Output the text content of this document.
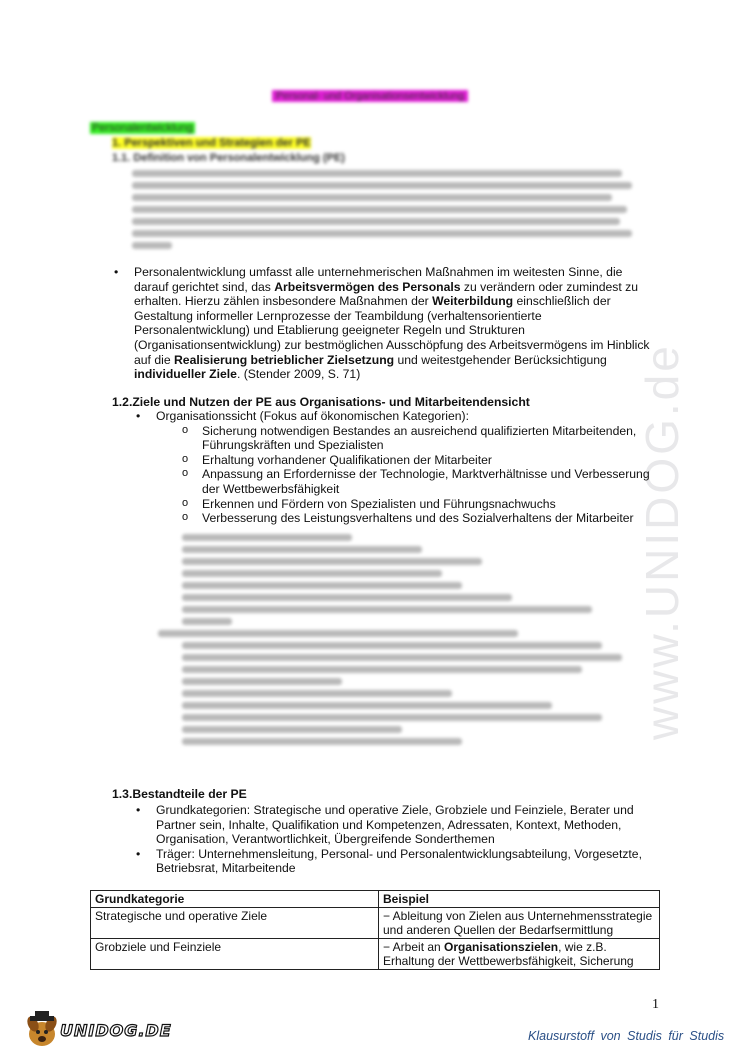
www.UNIDOG.de
Personal- und Organisationsentwicklung
Personalentwicklung
1. Perspektiven und Strategien der PE
1.1. Definition von Personalentwicklung (PE)
• Personalentwicklung umfasst alle unternehmerischen Maßnahmen im weitesten Sinne, die darauf gerichtet sind, das Arbeitsvermögen des Personals zu verändern oder zumindest zu erhalten. Hierzu zählen insbesondere Maßnahmen der Weiterbildung einschließlich der Gestaltung informeller Lernprozesse der Teambildung (verhaltensorientierte Personalentwicklung) und Etablierung geeigneter Regeln und Strukturen (Organisationsentwicklung) zur bestmöglichen Ausschöpfung des Arbeitsvermögens im Hinblick auf die Realisierung betrieblicher Zielsetzung und weitestgehender Berücksichtigung individueller Ziele. (Stender 2009, S. 71)
1.2.Ziele und Nutzen der PE aus Organisations- und Mitarbeitendensicht
• Organisationssicht (Fokus auf ökonomischen Kategorien):
o Sicherung notwendigen Bestandes an ausreichend qualifizierten Mitarbeitenden, Führungskräften und Spezialisten
o Erhaltung vorhandener Qualifikationen der Mitarbeiter
o Anpassung an Erfordernisse der Technologie, Marktverhältnisse und Verbesserung der Wettbewerbsfähigkeit
o Erkennen und Fördern von Spezialisten und Führungsnachwuchs
o Verbesserung des Leistungsverhaltens und des Sozialverhaltens der Mitarbeiter
1.3.Bestandteile der PE
• Grundkategorien: Strategische und operative Ziele, Grobziele und Feinziele, Berater und Partner sein, Inhalte, Qualifikation und Kompetenzen, Adressaten, Kontext, Methoden, Organisation, Verantwortlichkeit, Übergreifende Sonderthemen
• Träger: Unternehmensleitung, Personal- und Personalentwicklungsabteilung, Vorgesetzte, Betriebsrat, Mitarbeitende
Grundkategorie	Beispiel
Strategische und operative Ziele	− Ableitung von Zielen aus Unternehmensstrategie und anderen Quellen der Bedarfsermittlung
Grobziele und Feinziele	− Arbeit an Organisationszielen, wie z.B. Erhaltung der Wettbewerbsfähigkeit, Sicherung
1
UNIDOG.DE	Klausurstoff von Studis für Studis
